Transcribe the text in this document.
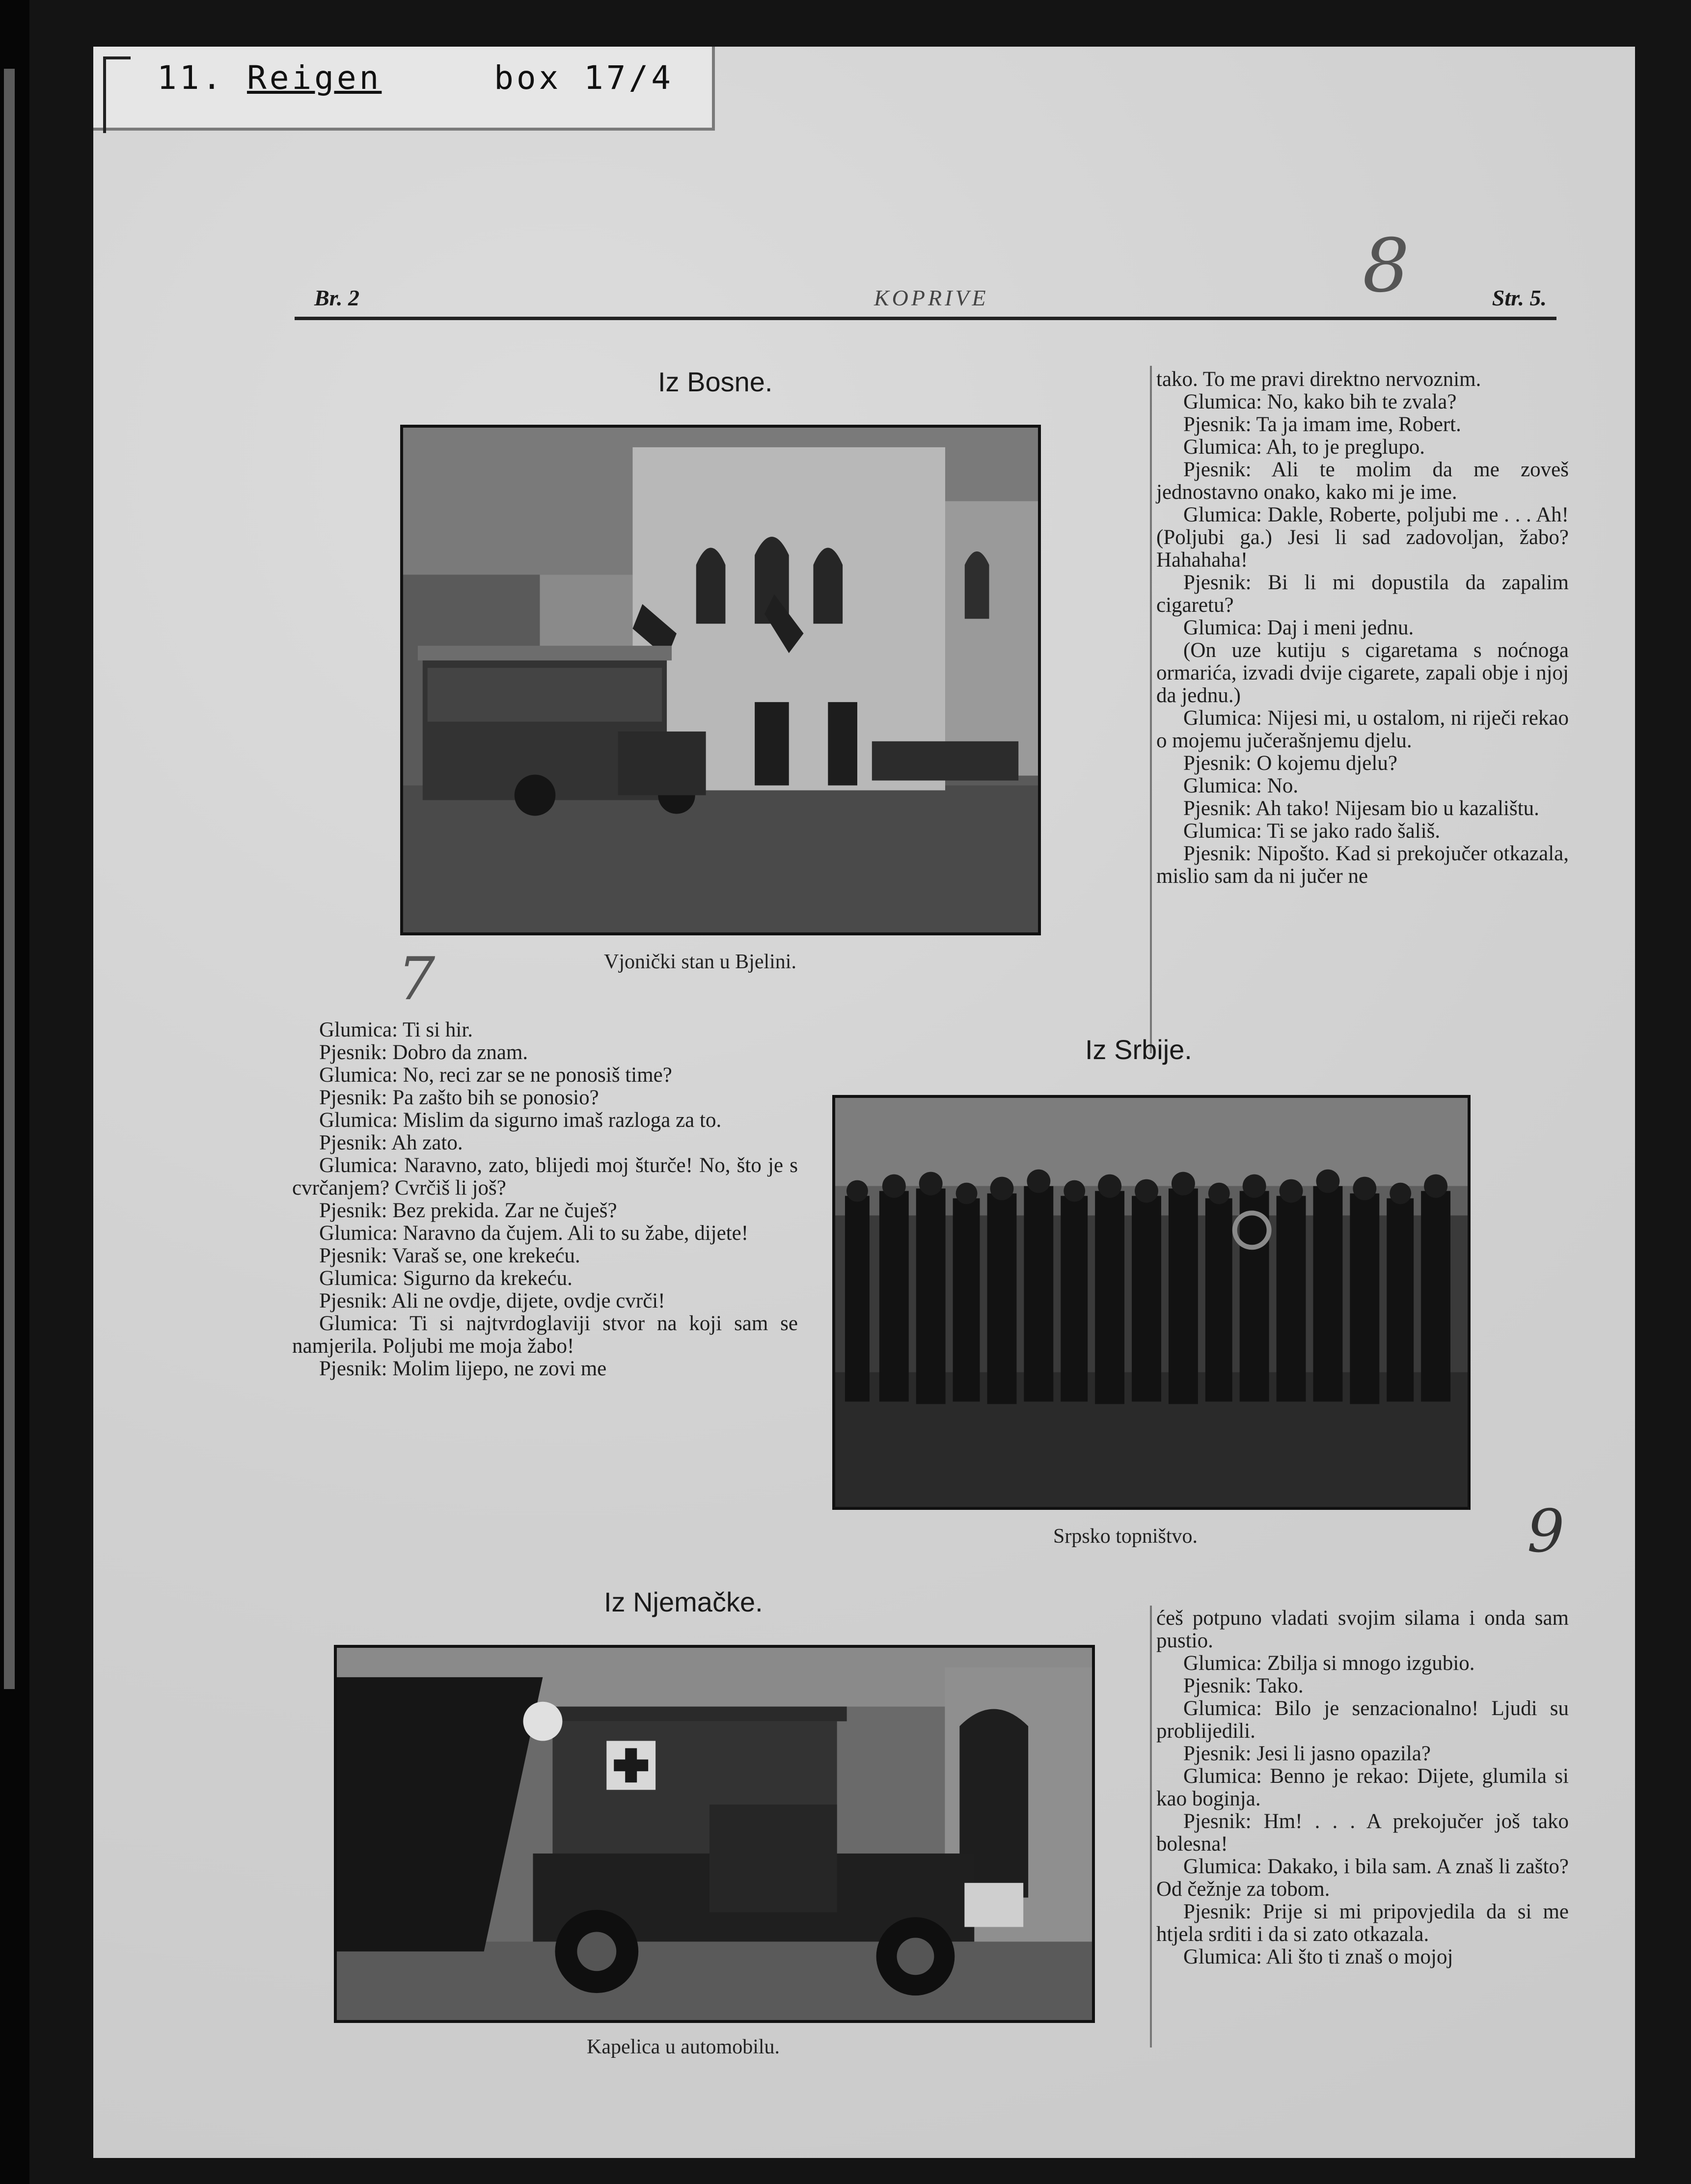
11. Reigen	box 17/4
8
7
9
Br. 2	KOPRIVE	Str. 5.
Iz Bosne.
Vjonički stan u Bjelini.

tako. To me pravi direktno nervoznim.

Glumica: No, kako bih te zvala?

Pjesnik: Ta ja imam ime, Robert.

Glumica: Ah, to je preglupo.

Pjesnik: Ali te molim da me zoveš jednostavno onako, kako mi je ime.

Glumica: Dakle, Roberte, poljubi me . . . Ah! (Poljubi ga.) Jesi li sad zadovoljan, žabo? Hahahaha!

Pjesnik: Bi li mi dopustila da zapalim cigaretu?

Glumica: Daj i meni jednu.

(On uze kutiju s cigaretama s noćnoga ormarića, izvadi dvije cigarete, zapali obje i njoj da jednu.)

Glumica: Nijesi mi, u ostalom, ni riječi rekao o mojemu jučerašnjemu djelu.

Pjesnik: O kojemu djelu?

Glumica: No.

Pjesnik: Ah tako! Nijesam bio u kazalištu.

Glumica: Ti se jako rado šališ.

Pjesnik: Nipošto. Kad si prekojučer otkazala, mislio sam da ni jučer ne

Glumica: Ti si hir.

Pjesnik: Dobro da znam.

Glumica: No, reci zar se ne ponosiš time?

Pjesnik: Pa zašto bih se ponosio?

Glumica: Mislim da sigurno imaš razloga za to.

Pjesnik: Ah zato.

Glumica: Naravno, zato, blijedi moj šturče! No, što je s cvrčanjem? Cvrčiš li još?

Pjesnik: Bez prekida. Zar ne čuješ?

Glumica: Naravno da čujem. Ali to su žabe, dijete!

Pjesnik: Varaš se, one krekeću.

Glumica: Sigurno da krekeću.

Pjesnik: Ali ne ovdje, dijete, ovdje cvrči!

Glumica: Ti si najtvrdoglaviji stvor na koji sam se namjerila. Poljubi me moja žabo!

Pjesnik: Molim lijepo, ne zovi me

Iz Srbije.
Srpsko topništvo.
Iz Njemačke.
Kapelica u automobilu.

ćeš potpuno vladati svojim silama i onda sam pustio.

Glumica: Zbilja si mnogo izgubio.

Pjesnik: Tako.

Glumica: Bilo je senzacionalno! Ljudi su problijedili.

Pjesnik: Jesi li jasno opazila?

Glumica: Benno je rekao: Dijete, glumila si kao boginja.

Pjesnik: Hm! . . . A prekojučer još tako bolesna!

Glumica: Dakako, i bila sam. A znaš li zašto? Od čežnje za tobom.

Pjesnik: Prije si mi pripovjedila da si me htjela srditi i da si zato otkazala.

Glumica: Ali što ti znaš o mojoj
